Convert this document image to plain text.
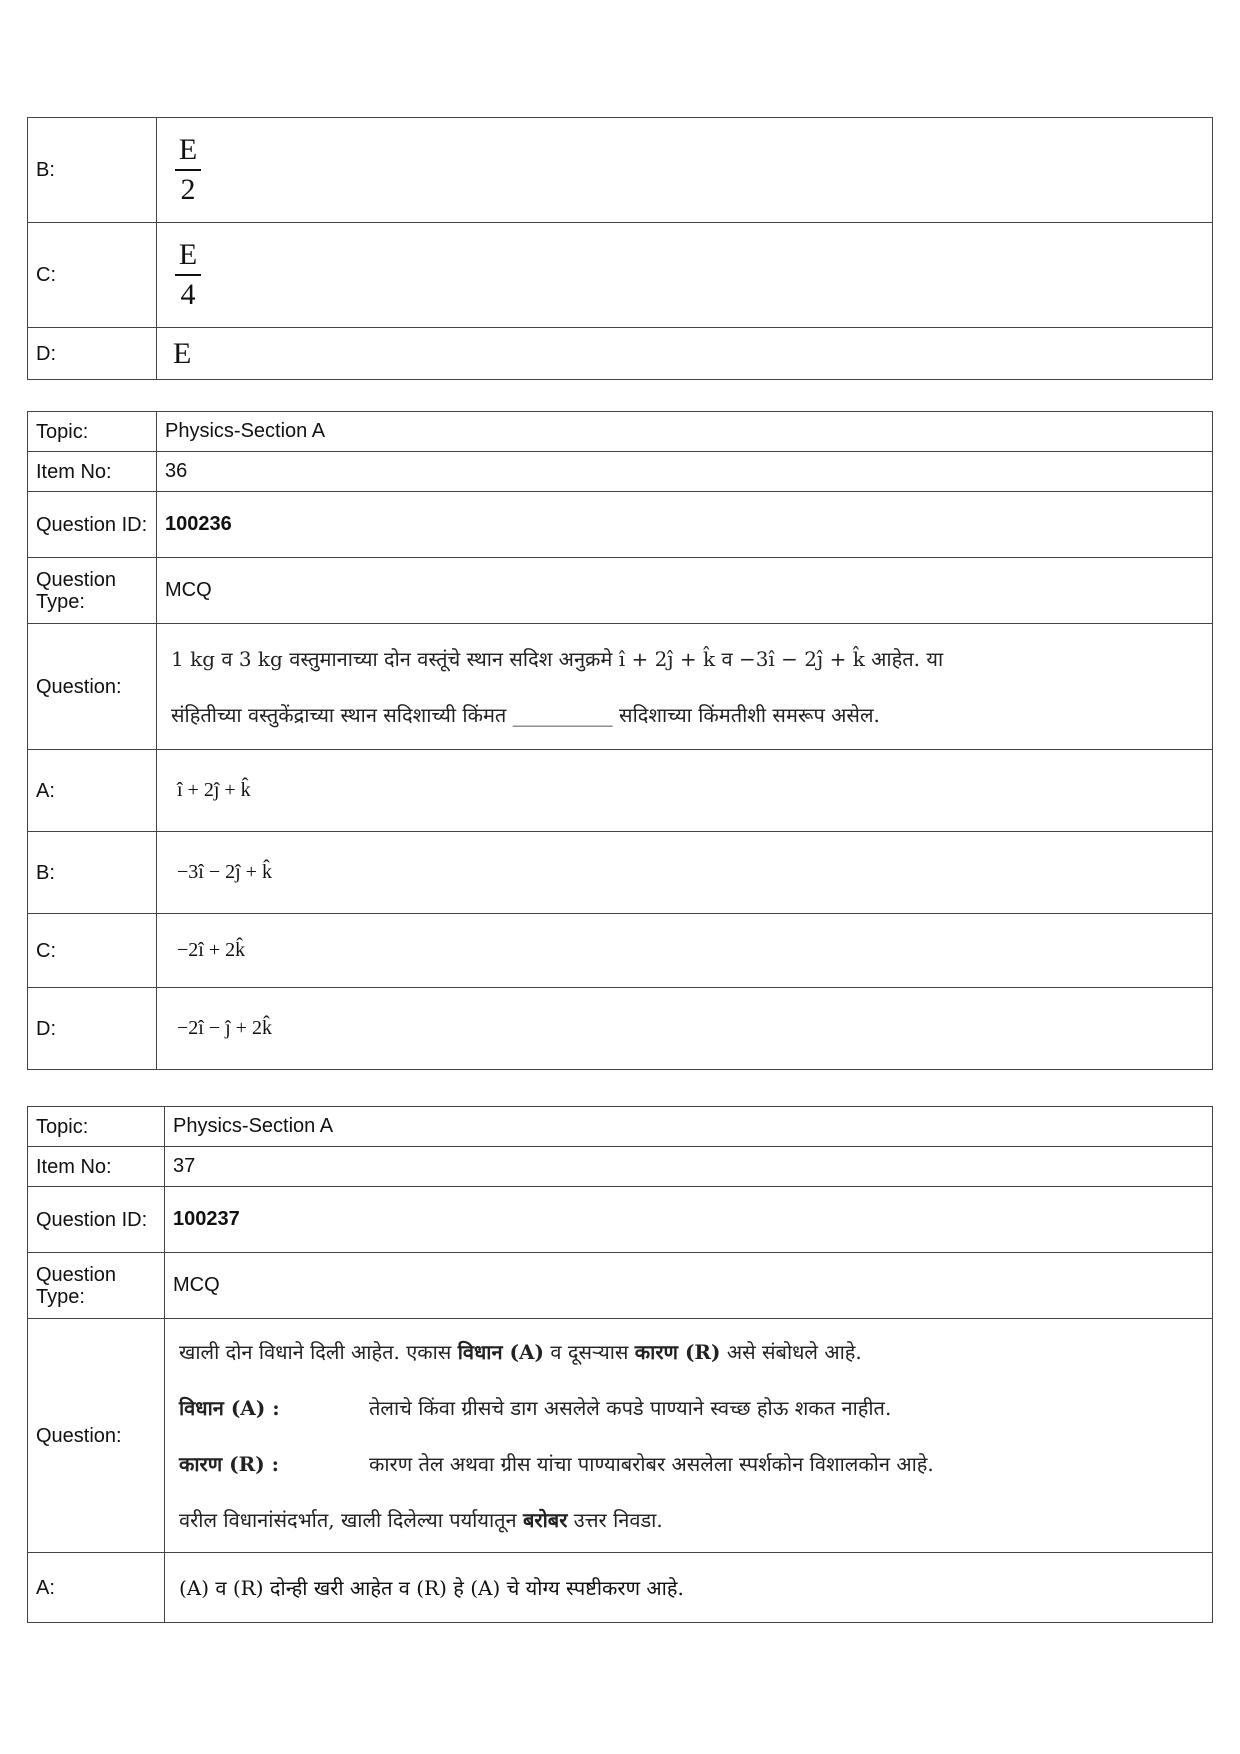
B:	$\frac{E}{2}$

C:	$\frac{E}{4}$

D:	E
Topic:	Physics-Section A
Item No:	36
Question ID:	100236
Question Type:	MCQ
Question:	1 kg व 3 kg वस्तुमानाच्या दोन वस्तूंचे स्थान सदिश अनुक्रमे î + 2ĵ + k̂ व −3î − 2ĵ + k̂ आहेत. या
संहितीच्या वस्तुकेंद्राच्या स्थान सदिशाच्यी किंमत __________ सदिशाच्या किंमतीशी समरूप असेल.

A:	î + 2ĵ + k̂
B:	−3î − 2ĵ + k̂
C:	−2î + 2k̂
D:	−2î − ĵ + 2k̂
Topic:	Physics-Section A
Item No:	37
Question ID:	100237
Question Type:	MCQ
Question:	खाली दोन विधाने दिली आहेत. एकास विधान (A) व दूसऱ्यास कारण (R) असे संबोधले आहे.
विधान (A) : तेलाचे किंवा ग्रीसचे डाग असलेले कपडे पाण्याने स्वच्छ होऊ शकत नाहीत.
कारण (R) : कारण तेल अथवा ग्रीस यांचा पाण्याबरोबर असलेला स्पर्शकोन विशालकोन आहे.
वरील विधानांसंदर्भात, खाली दिलेल्या पर्यायातून बरोबर उत्तर निवडा.

A:	(A) व (R) दोन्ही खरी आहेत व (R) हे (A) चे योग्य स्पष्टीकरण आहे.
